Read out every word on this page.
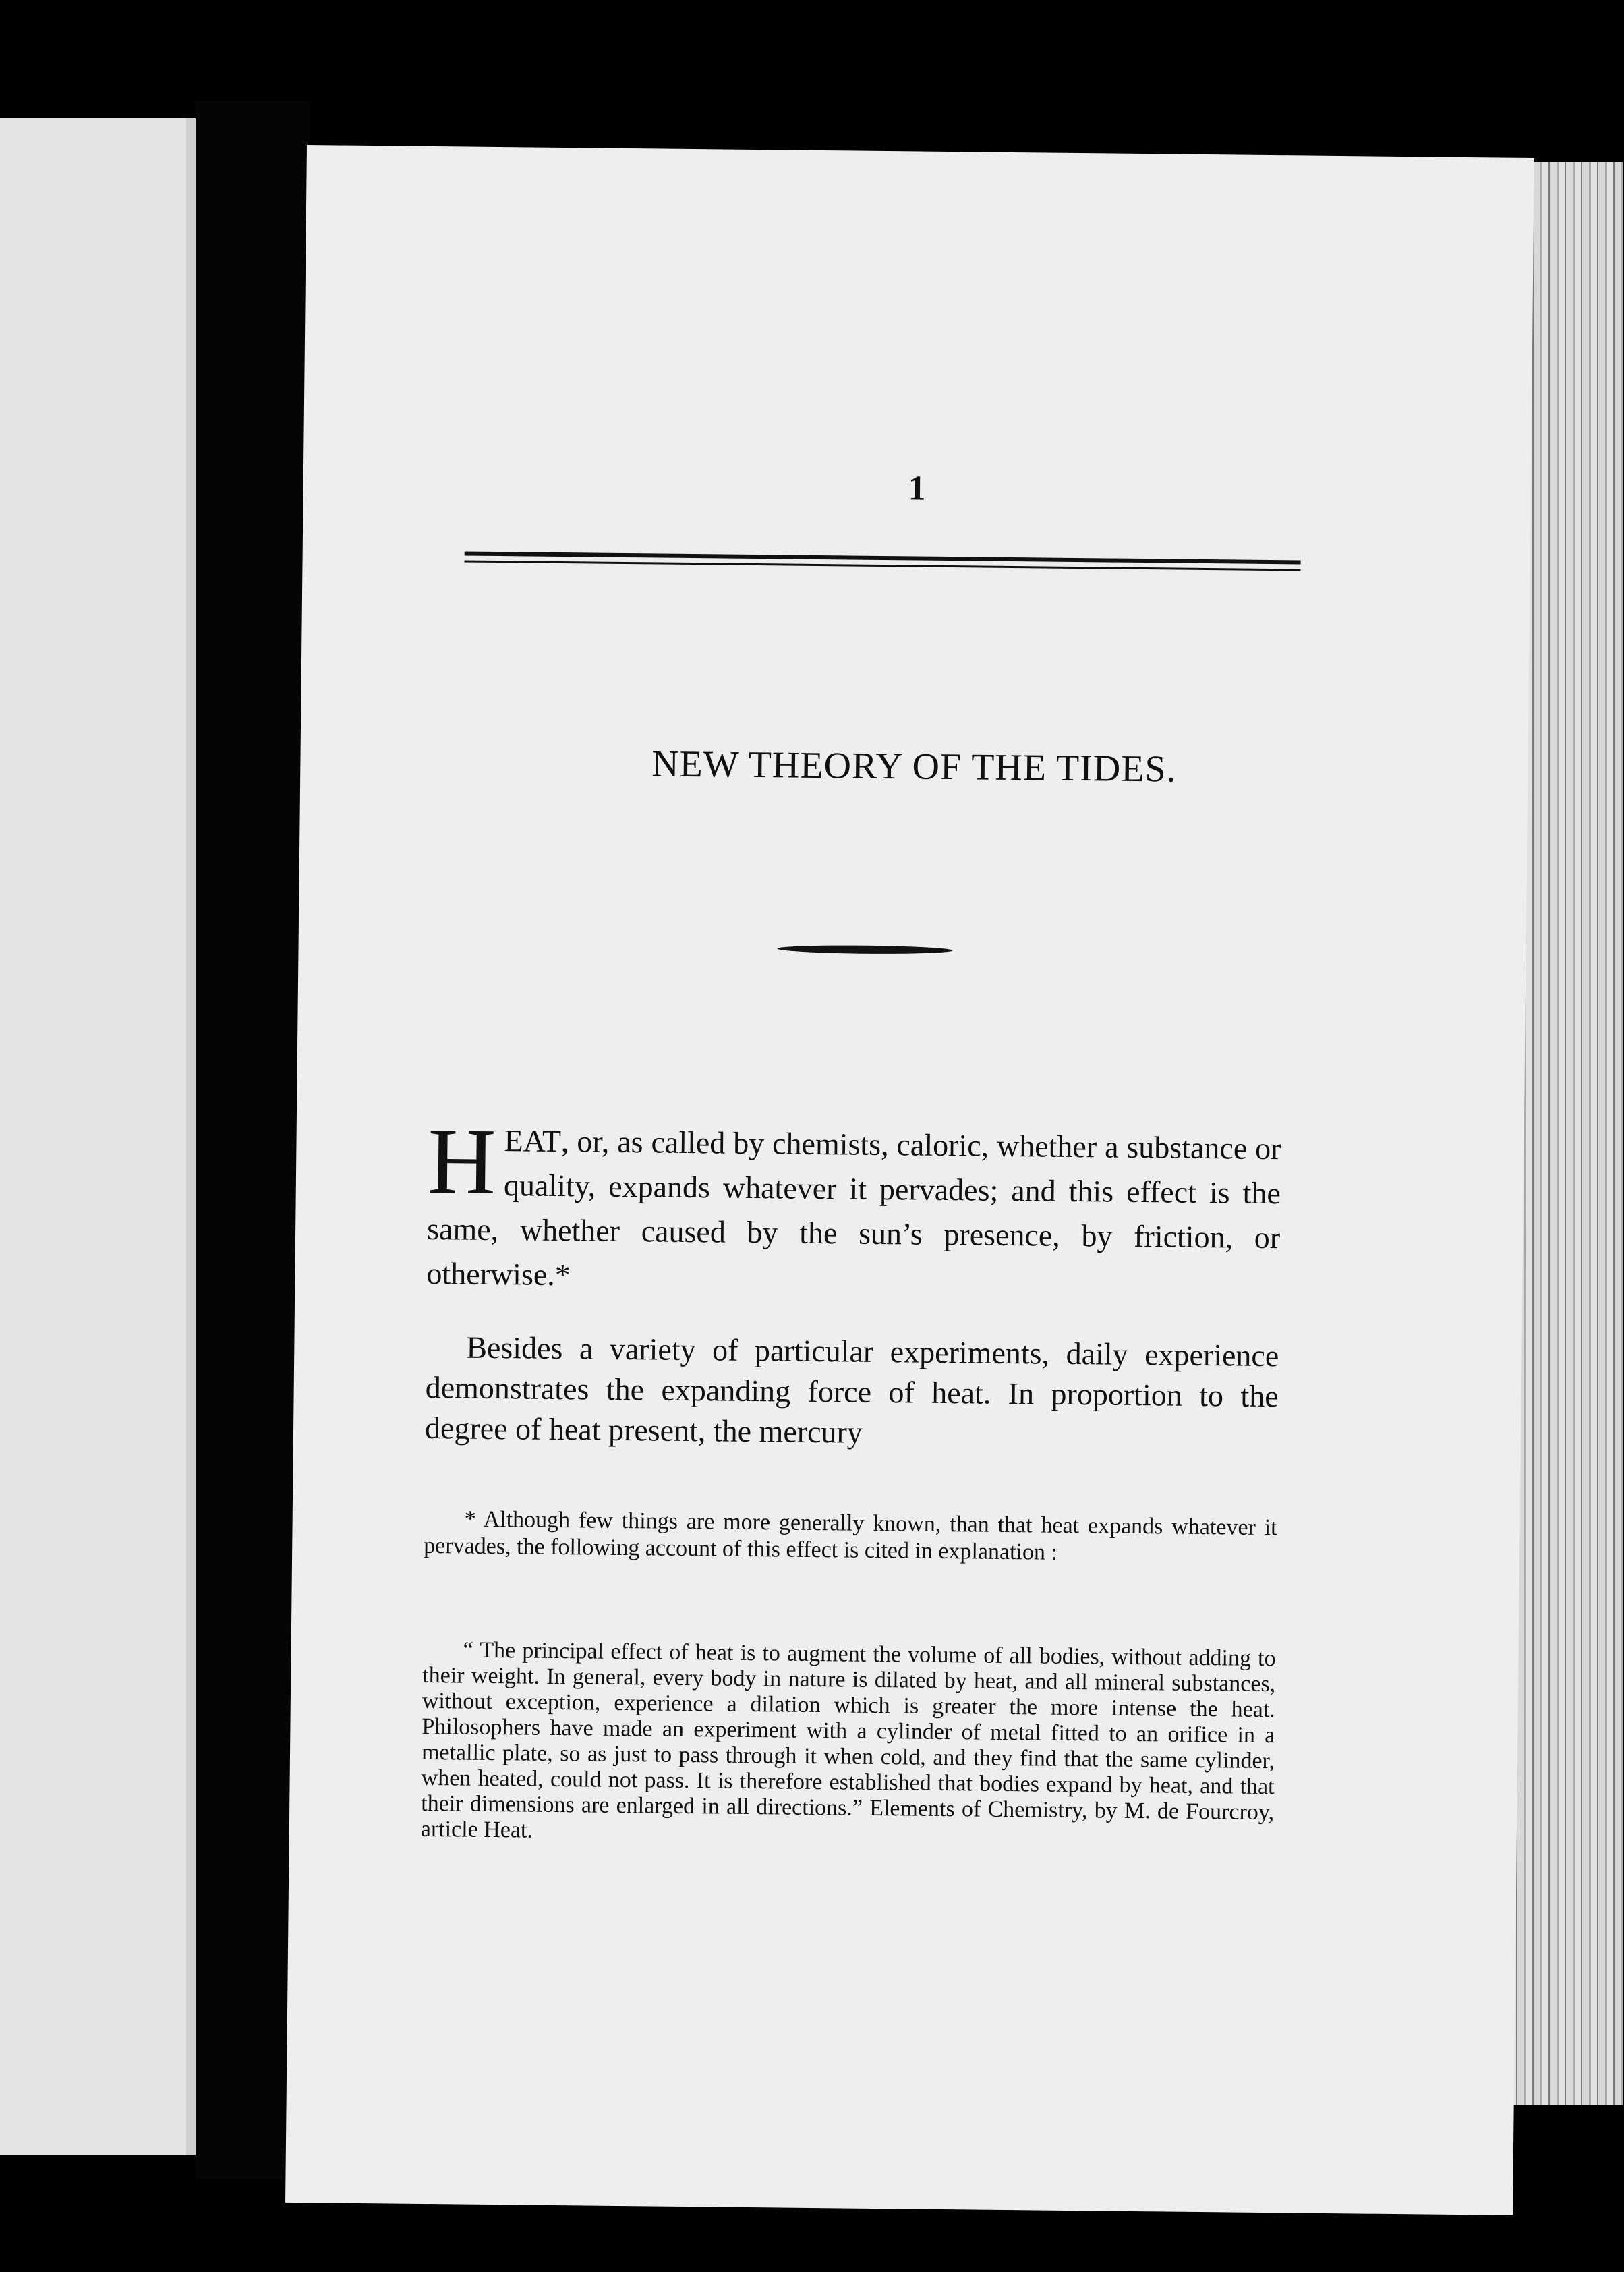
1
NEW THEORY OF THE TIDES.
HEAT, or, as called by chemists, caloric, whether a substance or quality, expands whatever it pervades; and this effect is the same, whether caused by the sun’s presence, by friction, or otherwise.*

Besides a variety of particular experiments, daily experience demonstrates the expanding force of heat. In proportion to the degree of heat present, the mercury

* Although few things are more generally known, than that heat expands whatever it pervades, the following account of this effect is cited in explanation :

“ The principal effect of heat is to augment the volume of all bodies, without adding to their weight. In general, every body in nature is dilated by heat, and all mineral substances, without exception, experience a dilation which is greater the more intense the heat. Philosophers have made an experiment with a cylinder of metal fitted to an orifice in a metallic plate, so as just to pass through it when cold, and they find that the same cylinder, when heated, could not pass. It is therefore established that bodies expand by heat, and that their dimensions are enlarged in all directions.” Elements of Chemistry, by M. de Fourcroy, article Heat.
